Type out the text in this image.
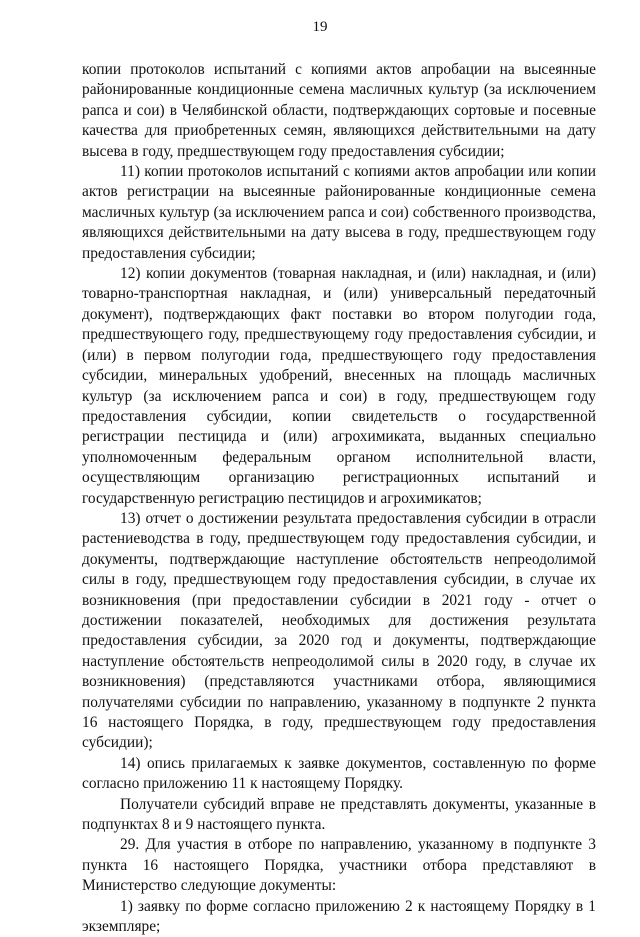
19

копии протоколов испытаний с копиями актов апробации на высеянные районированные кондиционные семена масличных культур (за исключением рапса и сои) в Челябинской области, подтверждающих сортовые и посевные качества для приобретенных семян, являющихся действительными на дату высева в году, предшествующем году предоставления субсидии;

11) копии протоколов испытаний с копиями актов апробации или копии актов регистрации на высеянные районированные кондиционные семена масличных культур (за исключением рапса и сои) собственного производства, являющихся действительными на дату высева в году, предшествующем году предоставления субсидии;

12) копии документов (товарная накладная, и (или) накладная, и (или) товарно-транспортная накладная, и (или) универсальный передаточный документ), подтверждающих факт поставки во втором полугодии года, предшествующего году, предшествующему году предоставления субсидии, и (или) в первом полугодии года, предшествующего году предоставления субсидии, минеральных удобрений, внесенных на площадь масличных культур (за исключением рапса и сои) в году, предшествующем году предоставления субсидии, копии свидетельств о государственной регистрации пестицида и (или) агрохимиката, выданных специально уполномоченным федеральным органом исполнительной власти, осуществляющим организацию регистрационных испытаний и государственную регистрацию пестицидов и агрохимикатов;

13) отчет о достижении результата предоставления субсидии в отрасли растениеводства в году, предшествующем году предоставления субсидии, и документы, подтверждающие наступление обстоятельств непреодолимой силы в году, предшествующем году предоставления субсидии, в случае их возникновения (при предоставлении субсидии в 2021 году - отчет о достижении показателей, необходимых для достижения результата предоставления субсидии, за 2020 год и документы, подтверждающие наступление обстоятельств непреодолимой силы в 2020 году, в случае их возникновения) (представляются участниками отбора, являющимися получателями субсидии по направлению, указанному в подпункте 2 пункта 16 настоящего Порядка, в году, предшествующем году предоставления субсидии);

14) опись прилагаемых к заявке документов, составленную по форме согласно приложению 11 к настоящему Порядку.

Получатели субсидий вправе не представлять документы, указанные в подпунктах 8 и 9 настоящего пункта.

29. Для участия в отборе по направлению, указанному в подпункте 3 пункта 16 настоящего Порядка, участники отбора представляют в Министерство следующие документы:

1) заявку по форме согласно приложению 2 к настоящему Порядку в 1 экземпляре;
